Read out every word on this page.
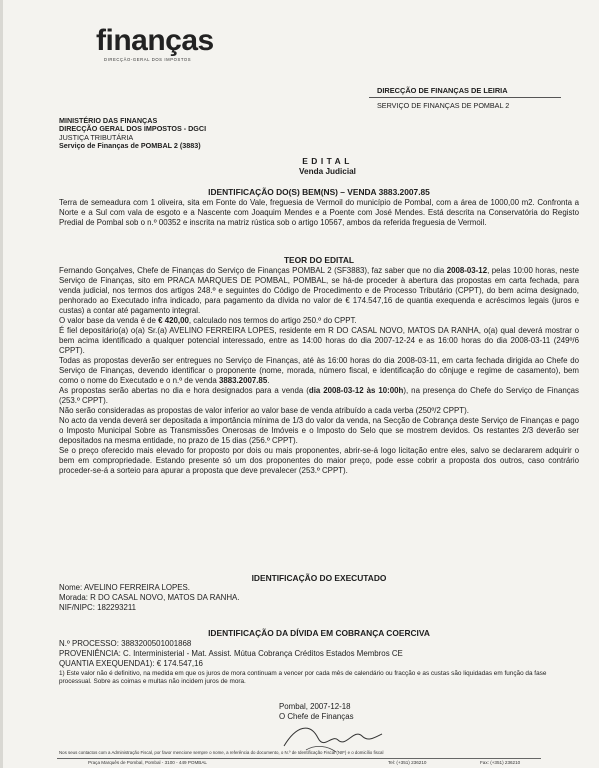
finanças
DIRECÇÃO-GERAL DOS IMPOSTOS
DIRECÇÃO DE FINANÇAS DE LEIRIA
SERVIÇO DE FINANÇAS DE POMBAL 2
MINISTÉRIO DAS FINANÇAS
DIRECÇÃO GERAL DOS IMPOSTOS - DGCI
JUSTIÇA TRIBUTÁRIA
Serviço de Finanças de POMBAL 2 (3883)
EDITAL
Venda Judicial
IDENTIFICAÇÃO DO(S) BEM(NS) – VENDA 3883.2007.85
Terra de semeadura com 1 oliveira, sita em Fonte do Vale, freguesia de Vermoil do município de Pombal, com a área de 1000,00 m2. Confronta a Norte e a Sul com vala de esgoto e a Nascente com Joaquim Mendes e a Poente com José Mendes. Está descrita na Conservatória do Registo Predial de Pombal sob o n.º 00352 e inscrita na matriz rústica sob o artigo 10567, ambos da referida freguesia de Vermoil.
TEOR DO EDITAL

Fernando Gonçalves, Chefe de Finanças do Serviço de Finanças POMBAL 2 (SF3883), faz saber que no dia 2008-03-12, pelas 10:00 horas, neste Serviço de Finanças, sito em PRACA MARQUES DE POMBAL, POMBAL, se há-de proceder à abertura das propostas em carta fechada, para venda judicial, nos termos dos artigos 248.º e seguintes do Código de Procedimento e de Processo Tributário (CPPT), do bem acima designado, penhorado ao Executado infra indicado, para pagamento da dívida no valor de € 174.547,16 de quantia exequenda e acréscimos legais (juros e custas) a contar até pagamento integral.

O valor base da venda é de € 420,00, calculado nos termos do artigo 250.º do CPPT.

É fiel depositário(a) o(a) Sr.(a) AVELINO FERREIRA LOPES, residente em R DO CASAL NOVO, MATOS DA RANHA, o(a) qual deverá mostrar o bem acima identificado a qualquer potencial interessado, entre as 14:00 horas do dia 2007-12-24 e as 16:00 horas do dia 2008-03-11 (249º/6 CPPT).

Todas as propostas deverão ser entregues no Serviço de Finanças, até às 16:00 horas do dia 2008-03-11, em carta fechada dirigida ao Chefe do Serviço de Finanças, devendo identificar o proponente (nome, morada, número fiscal, e identificação do cônjuge e regime de casamento), bem como o nome do Executado e o n.º de venda 3883.2007.85.

As propostas serão abertas no dia e hora designados para a venda (dia 2008-03-12 às 10:00h), na presença do Chefe do Serviço de Finanças (253.º CPPT).

Não serão consideradas as propostas de valor inferior ao valor base de venda atribuído a cada verba (250º/2 CPPT).

No acto da venda deverá ser depositada a importância mínima de 1/3 do valor da venda, na Secção de Cobrança deste Serviço de Finanças e pago o Imposto Municipal Sobre as Transmissões Onerosas de Imóveis e o Imposto do Selo que se mostrem devidos. Os restantes 2/3 deverão ser depositados na mesma entidade, no prazo de 15 dias (256.º CPPT).

Se o preço oferecido mais elevado for proposto por dois ou mais proponentes, abrir-se-á logo licitação entre eles, salvo se declararem adquirir o bem em compropriedade. Estando presente só um dos proponentes do maior preço, pode esse cobrir a proposta dos outros, caso contrário proceder-se-á a sorteio para apurar a proposta que deve prevalecer (253.º CPPT).

IDENTIFICAÇÃO DO EXECUTADO
Nome: AVELINO FERREIRA LOPES.
Morada: R DO CASAL NOVO, MATOS DA RANHA.
NIF/NIPC: 182293211
IDENTIFICAÇÃO DA DÍVIDA EM COBRANÇA COERCIVA
N.º PROCESSO: 3883200501001868
PROVENIÊNCIA: C. Interministerial - Mat. Assist. Mútua Cobrança Créditos Estados Membros CE
QUANTIA EXEQUENDA1): € 174.547,16
1) Este valor não é definitivo, na medida em que os juros de mora continuam a vencer por cada mês de calendário ou fracção e as custas são liquidadas em função da fase processual. Sobre as coimas e multas não incidem juros de mora.
Pombal, 2007-12-18
O Chefe de Finanças
Nos seus contactos com a Administração Fiscal, por favor mencione sempre o nome, a referência do documento, o N.º de Identificação Fiscal (NIF) e o domicílio fiscal
Praça Marquês de Pombal, Pombal - 3100 - 449 POMBAL	Tel: (+351) 236210	Fax: (+351) 236210
